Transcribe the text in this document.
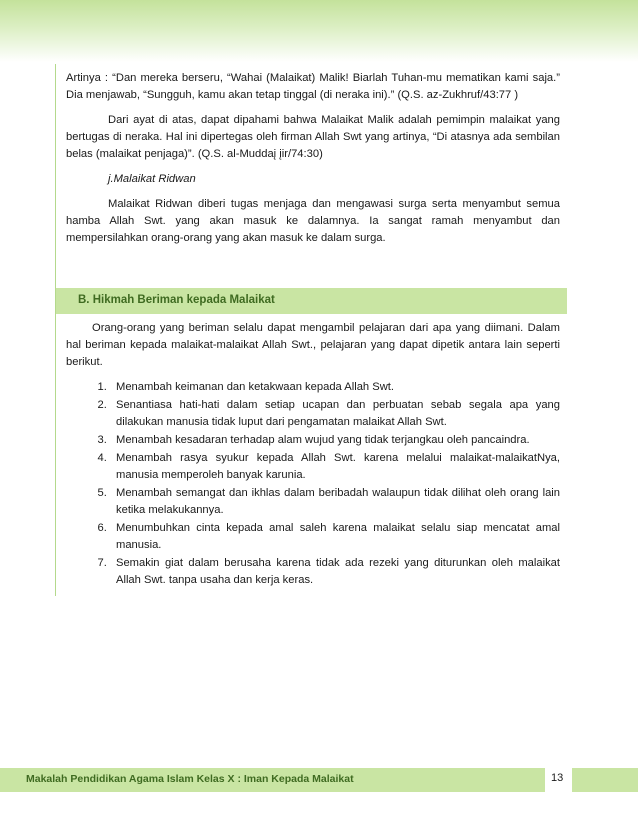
Artinya : “Dan mereka berseru, “Wahai (Malaikat) Malik! Biarlah Tuhan-mu mematikan kami saja.” Dia menjawab, “Sungguh, kamu akan tetap tinggal (di neraka ini).” (Q.S. az-Zukhruf/43:77 )

Dari ayat di atas, dapat dipahami bahwa Malaikat Malik adalah pemimpin malaikat yang bertugas di neraka. Hal ini dipertegas oleh firman Allah Swt yang artinya, “Di atasnya ada sembilan belas (malaikat penjaga)”. (Q.S. al-Muddaį įir/74:30)

j.Malaikat Ridwan

Malaikat Ridwan diberi tugas menjaga dan mengawasi surga serta menyambut semua hamba Allah Swt. yang akan masuk ke dalamnya. Ia sangat ramah menyambut dan mempersilahkan orang-orang yang akan masuk ke dalam surga.

B. Hikmah Beriman kepada Malaikat

Orang-orang yang beriman selalu dapat mengambil pelajaran dari apa yang diimani. Dalam hal beriman kepada malaikat-malaikat Allah Swt., pelajaran yang dapat dipetik antara lain seperti berikut.

1. Menambah keimanan dan ketakwaan kepada Allah Swt.
2. Senantiasa hati-hati dalam setiap ucapan dan perbuatan sebab segala apa yang dilakukan manusia tidak luput dari pengamatan malaikat Allah Swt.
3. Menambah kesadaran terhadap alam wujud yang tidak terjangkau oleh pancaindra.
4. Menambah rasya syukur kepada Allah Swt. karena melalui malaikat-malaikatNya, manusia memperoleh banyak karunia.
5. Menambah semangat dan ikhlas dalam beribadah walaupun tidak dilihat oleh orang lain ketika melakukannya.
6. Menumbuhkan cinta kepada amal saleh karena malaikat selalu siap mencatat amal manusia.
7. Semakin giat dalam berusaha karena tidak ada rezeki yang diturunkan oleh malaikat Allah Swt. tanpa usaha dan kerja keras.
Makalah Pendidikan Agama Islam Kelas X : Iman Kepada Malaikat	13
